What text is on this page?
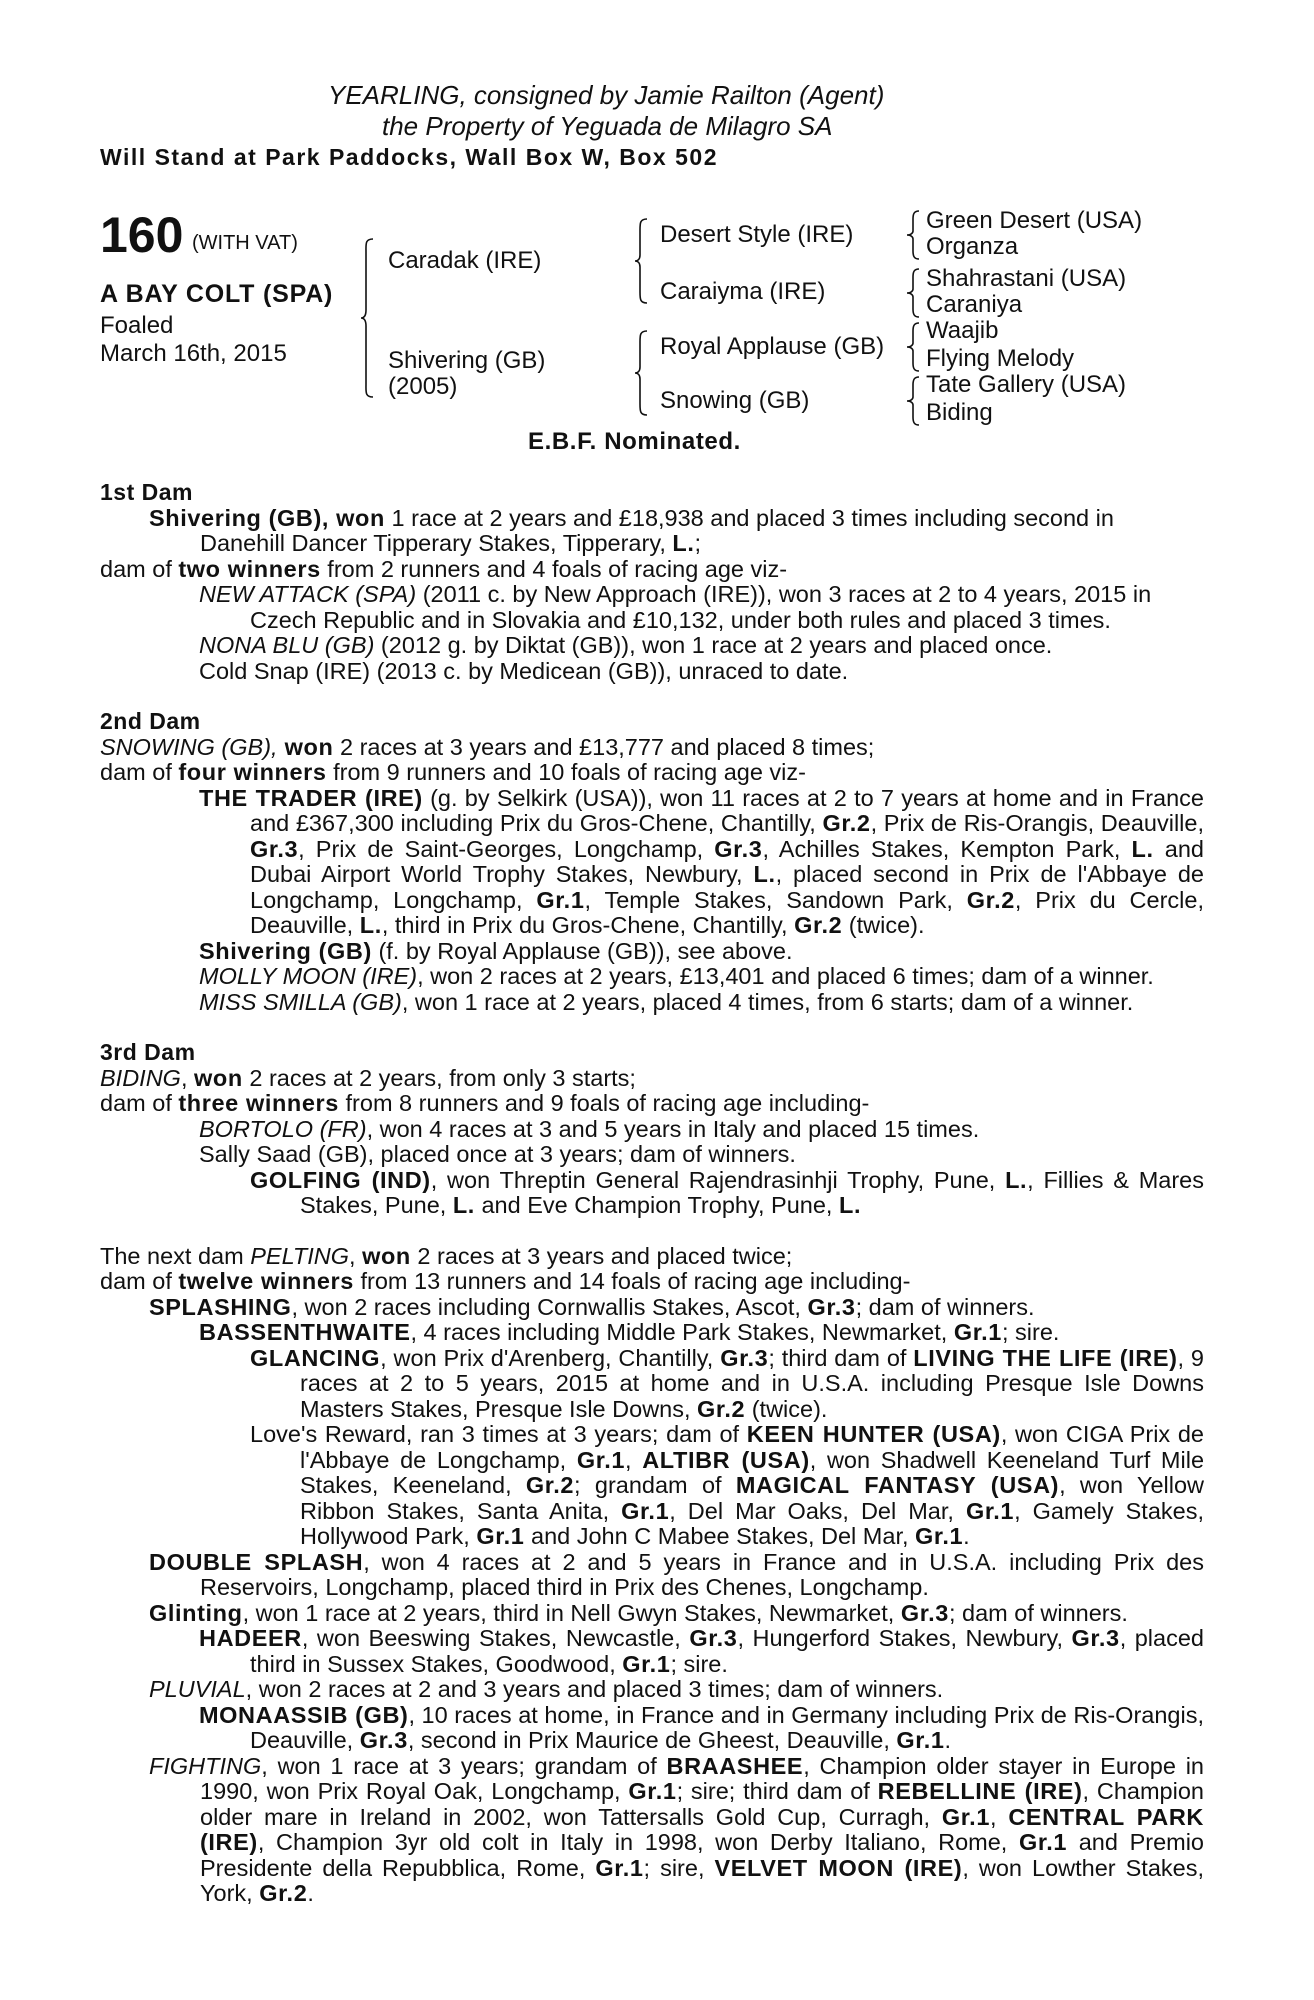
YEARLING, consigned by Jamie Railton (Agent)
the Property of Yeguada de Milagro SA
Will Stand at Park Paddocks, Wall Box W, Box 502
160 (WITH VAT)
A BAY COLT (SPA)
Foaled
March 16th, 2015
Caradak (IRE)
Shivering (GB)
(2005)
Desert Style (IRE)
Caraiyma (IRE)
Royal Applause (GB)
Snowing (GB)
Green Desert (USA)
Organza
Shahrastani (USA)
Caraniya
Waajib
Flying Melody
Tate Gallery (USA)
Biding
E.B.F. Nominated.
1st Dam

Shivering (GB), won 1 race at 2 years and £18,938 and placed 3 times including second in Danehill Dancer Tipperary Stakes, Tipperary, L.;

dam of two winners from 2 runners and 4 foals of racing age viz-

NEW ATTACK (SPA) (2011 c. by New Approach (IRE)), won 3 races at 2 to 4 years, 2015 in Czech Republic and in Slovakia and £10,132, under both rules and placed 3 times.

NONA BLU (GB) (2012 g. by Diktat (GB)), won 1 race at 2 years and placed once.

Cold Snap (IRE) (2013 c. by Medicean (GB)), unraced to date.

2nd Dam

SNOWING (GB), won 2 races at 3 years and £13,777 and placed 8 times;

dam of four winners from 9 runners and 10 foals of racing age viz-

THE TRADER (IRE) (g. by Selkirk (USA)), won 11 races at 2 to 7 years at home and in France and £367,300 including Prix du Gros-Chene, Chantilly, Gr.2, Prix de Ris-Orangis, Deauville, Gr.3, Prix de Saint-Georges, Longchamp, Gr.3, Achilles Stakes, Kempton Park, L. and Dubai Airport World Trophy Stakes, Newbury, L., placed second in Prix de l'Abbaye de Longchamp, Longchamp, Gr.1, Temple Stakes, Sandown Park, Gr.2, Prix du Cercle, Deauville, L., third in Prix du Gros-Chene, Chantilly, Gr.2 (twice).

Shivering (GB) (f. by Royal Applause (GB)), see above.

MOLLY MOON (IRE), won 2 races at 2 years, £13,401 and placed 6 times; dam of a winner.

MISS SMILLA (GB), won 1 race at 2 years, placed 4 times, from 6 starts; dam of a winner.

3rd Dam

BIDING, won 2 races at 2 years, from only 3 starts;

dam of three winners from 8 runners and 9 foals of racing age including-

BORTOLO (FR), won 4 races at 3 and 5 years in Italy and placed 15 times.

Sally Saad (GB), placed once at 3 years; dam of winners.

GOLFING (IND), won Threptin General Rajendrasinhji Trophy, Pune, L., Fillies & Mares Stakes, Pune, L. and Eve Champion Trophy, Pune, L.

The next dam PELTING, won 2 races at 3 years and placed twice;

dam of twelve winners from 13 runners and 14 foals of racing age including-

SPLASHING, won 2 races including Cornwallis Stakes, Ascot, Gr.3; dam of winners.

BASSENTHWAITE, 4 races including Middle Park Stakes, Newmarket, Gr.1; sire.

GLANCING, won Prix d'Arenberg, Chantilly, Gr.3; third dam of LIVING THE LIFE (IRE), 9 races at 2 to 5 years, 2015 at home and in U.S.A. including Presque Isle Downs Masters Stakes, Presque Isle Downs, Gr.2 (twice).

Love's Reward, ran 3 times at 3 years; dam of KEEN HUNTER (USA), won CIGA Prix de l'Abbaye de Longchamp, Gr.1, ALTIBR (USA), won Shadwell Keeneland Turf Mile Stakes, Keeneland, Gr.2; grandam of MAGICAL FANTASY (USA), won Yellow Ribbon Stakes, Santa Anita, Gr.1, Del Mar Oaks, Del Mar, Gr.1, Gamely Stakes, Hollywood Park, Gr.1 and John C Mabee Stakes, Del Mar, Gr.1.

DOUBLE SPLASH, won 4 races at 2 and 5 years in France and in U.S.A. including Prix des Reservoirs, Longchamp, placed third in Prix des Chenes, Longchamp.

Glinting, won 1 race at 2 years, third in Nell Gwyn Stakes, Newmarket, Gr.3; dam of winners.

HADEER, won Beeswing Stakes, Newcastle, Gr.3, Hungerford Stakes, Newbury, Gr.3, placed third in Sussex Stakes, Goodwood, Gr.1; sire.

PLUVIAL, won 2 races at 2 and 3 years and placed 3 times; dam of winners.

MONAASSIB (GB), 10 races at home, in France and in Germany including Prix de Ris-Orangis, Deauville, Gr.3, second in Prix Maurice de Gheest, Deauville, Gr.1.

FIGHTING, won 1 race at 3 years; grandam of BRAASHEE, Champion older stayer in Europe in 1990, won Prix Royal Oak, Longchamp, Gr.1; sire; third dam of REBELLINE (IRE), Champion older mare in Ireland in 2002, won Tattersalls Gold Cup, Curragh, Gr.1, CENTRAL PARK (IRE), Champion 3yr old colt in Italy in 1998, won Derby Italiano, Rome, Gr.1 and Premio Presidente della Repubblica, Rome, Gr.1; sire, VELVET MOON (IRE), won Lowther Stakes, York, Gr.2.
